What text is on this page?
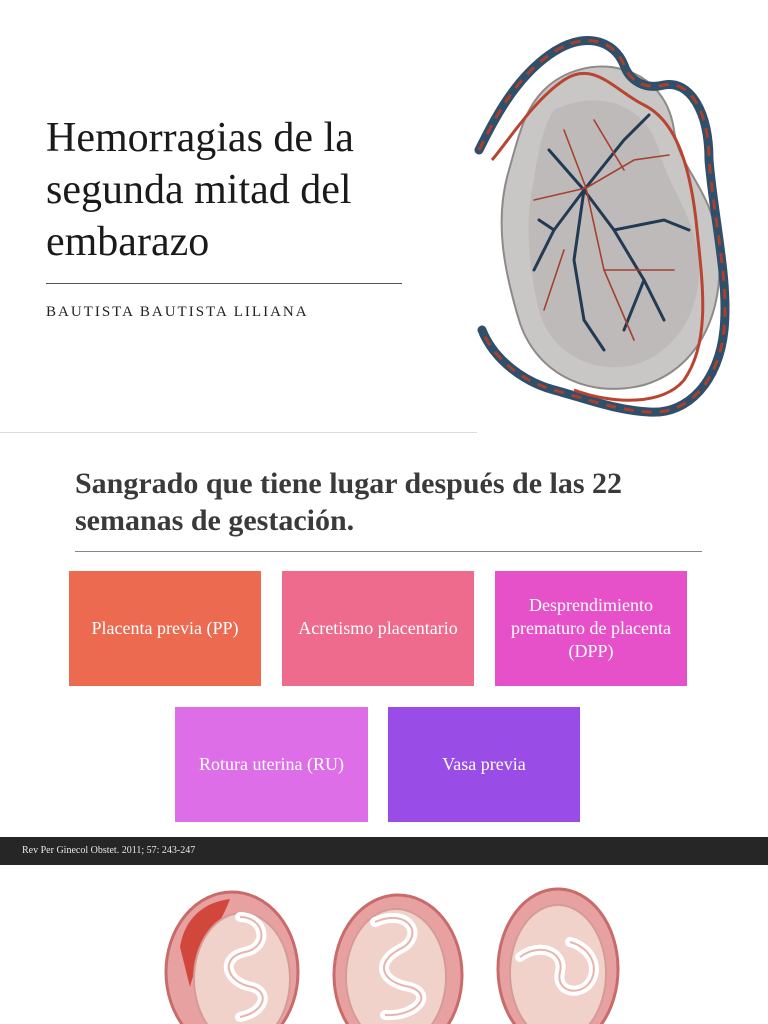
Hemorragias de la segunda mitad del embarazo
BAUTISTA BAUTISTA LILIANA
Sangrado que tiene lugar después de las 22 semanas de gestación.
Placenta previa (PP)	Acretismo placentario
Desprendimiento prematuro de placenta (DPP)
Rotura uterina (RU)	Vasa previa
Rev Per Ginecol Obstet. 2011; 57: 243-247
